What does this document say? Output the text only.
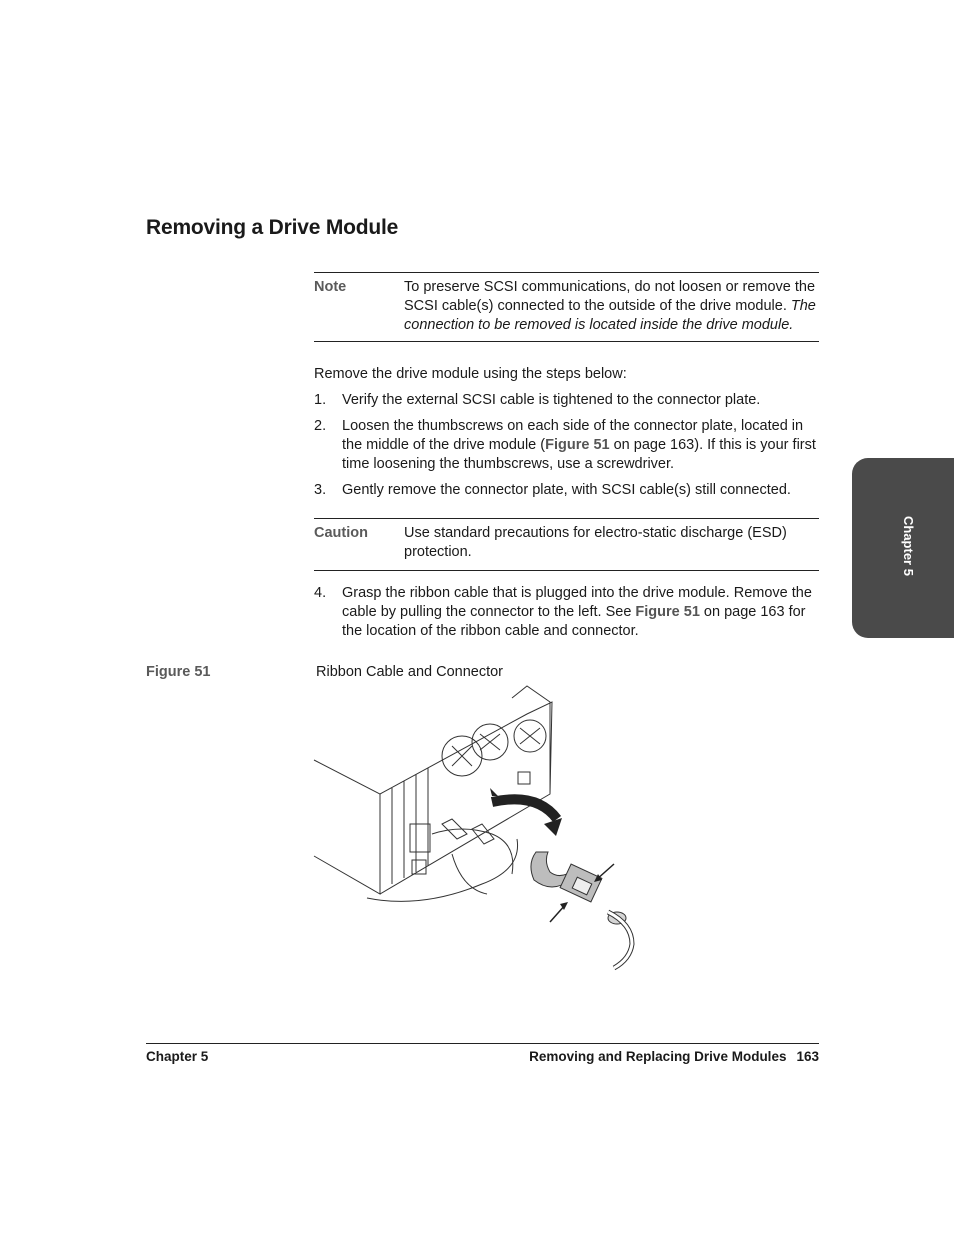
Removing a Drive Module
Note	To preserve SCSI communications, do not loosen or remove the SCSI cable(s) connected to the outside of the drive module. The connection to be removed is located inside the drive module.

Remove the drive module using the steps below:

1. Verify the external SCSI cable is tightened to the connector plate.
2. Loosen the thumbscrews on each side of the connector plate, located in the middle of the drive module (Figure 51 on page 163). If this is your first time loosening the thumbscrews, use a screwdriver.
3. Gently remove the connector plate, with SCSI cable(s) still connected.
Caution Use standard precautions for electro-static discharge (ESD) protection.
4. Grasp the ribbon cable that is plugged into the drive module. Remove the cable by pulling the connector to the left. See Figure 51 on page 163 for the location of the ribbon cable and connector.
Figure 51	Ribbon Cable and Connector
Chapter 5
Chapter 5	Removing and Replacing Drive Modules 163
